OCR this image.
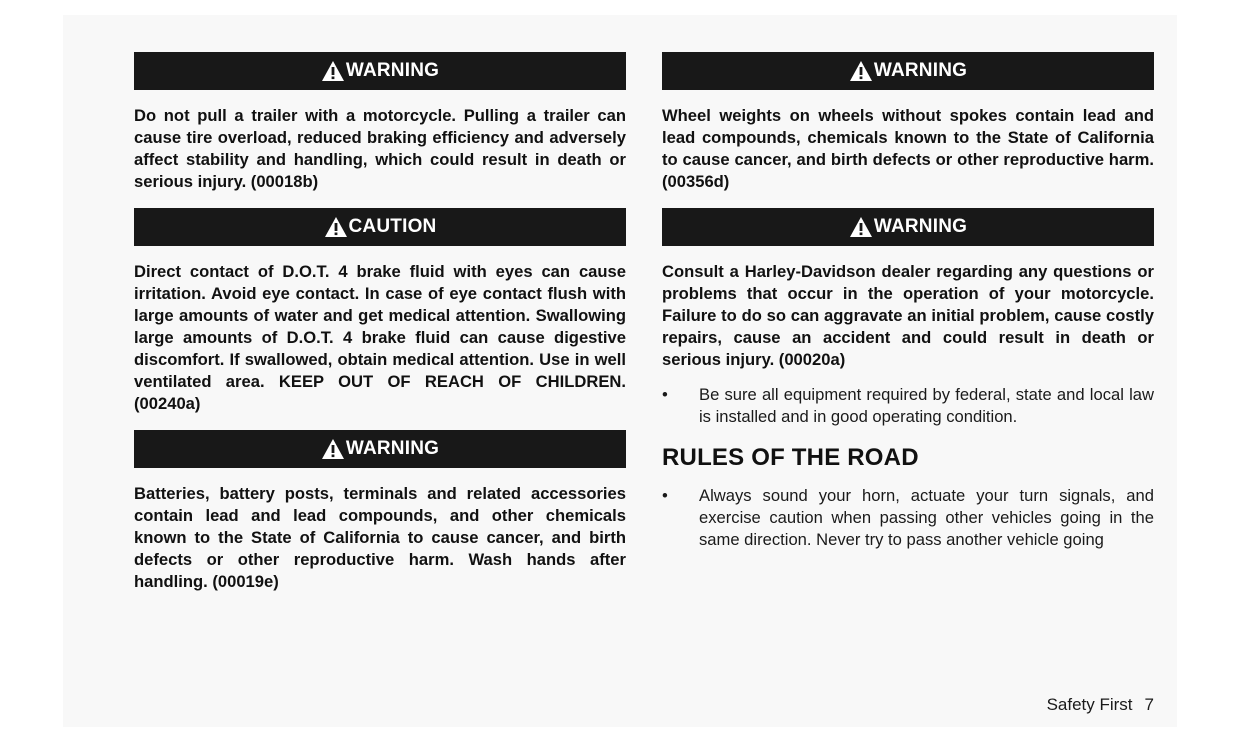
WARNING

Do not pull a trailer with a motorcycle. Pulling a trailer can cause tire overload, reduced braking efficiency and adversely affect stability and handling, which could result in death or serious injury. (00018b)

CAUTION

Direct contact of D.O.T. 4 brake fluid with eyes can cause irritation. Avoid eye contact. In case of eye contact flush with large amounts of water and get medical attention. Swallowing large amounts of D.O.T. 4 brake fluid can cause digestive discomfort. If swallowed, obtain medical attention. Use in well ventilated area. KEEP OUT OF REACH OF CHILDREN. (00240a)

WARNING

Batteries, battery posts, terminals and related accessories contain lead and lead compounds, and other chemicals known to the State of California to cause cancer, and birth defects or other reproductive harm. Wash hands after handling. (00019e)

WARNING

Wheel weights on wheels without spokes contain lead and lead compounds, chemicals known to the State of California to cause cancer, and birth defects or other reproductive harm. (00356d)

WARNING

Consult a Harley-Davidson dealer regarding any questions or problems that occur in the operation of your motorcycle. Failure to do so can aggravate an initial problem, cause costly repairs, cause an accident and could result in death or serious injury. (00020a)

•	Be sure all equipment required by federal, state and local law is installed and in good operating condition.
RULES OF THE ROAD
•	Always sound your horn, actuate your turn signals, and exercise caution when passing other vehicles going in the same direction. Never try to pass another vehicle going
Safety First 7
